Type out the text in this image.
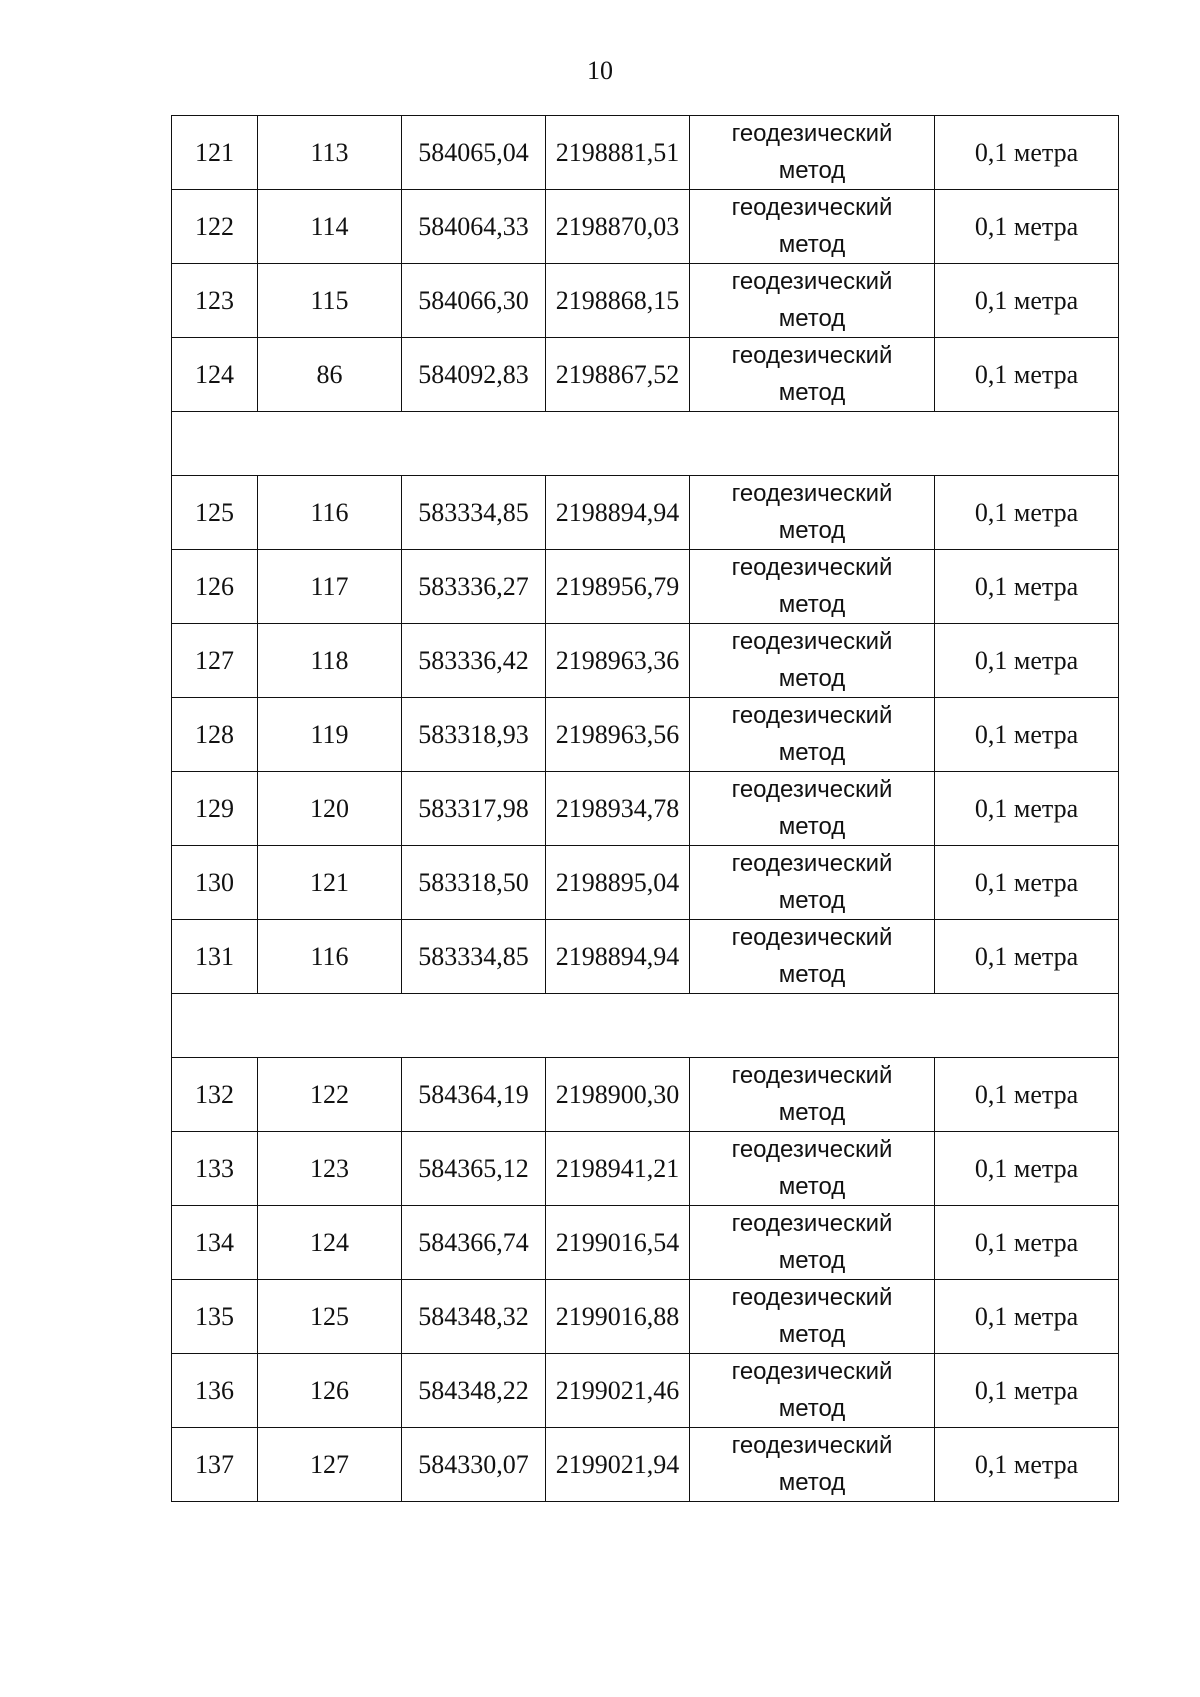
10
121	113	584065,04	2198881,51	геодезический
метод	0,1 метра
122	114	584064,33	2198870,03	геодезический
метод	0,1 метра
123	115	584066,30	2198868,15	геодезический
метод	0,1 метра
124	86	584092,83	2198867,52	геодезический
метод	0,1 метра

125	116	583334,85	2198894,94	геодезический
метод	0,1 метра
126	117	583336,27	2198956,79	геодезический
метод	0,1 метра
127	118	583336,42	2198963,36	геодезический
метод	0,1 метра
128	119	583318,93	2198963,56	геодезический
метод	0,1 метра
129	120	583317,98	2198934,78	геодезический
метод	0,1 метра
130	121	583318,50	2198895,04	геодезический
метод	0,1 метра
131	116	583334,85	2198894,94	геодезический
метод	0,1 метра

132	122	584364,19	2198900,30	геодезический
метод	0,1 метра
133	123	584365,12	2198941,21	геодезический
метод	0,1 метра
134	124	584366,74	2199016,54	геодезический
метод	0,1 метра
135	125	584348,32	2199016,88	геодезический
метод	0,1 метра
136	126	584348,22	2199021,46	геодезический
метод	0,1 метра
137	127	584330,07	2199021,94	геодезический
метод	0,1 метра
